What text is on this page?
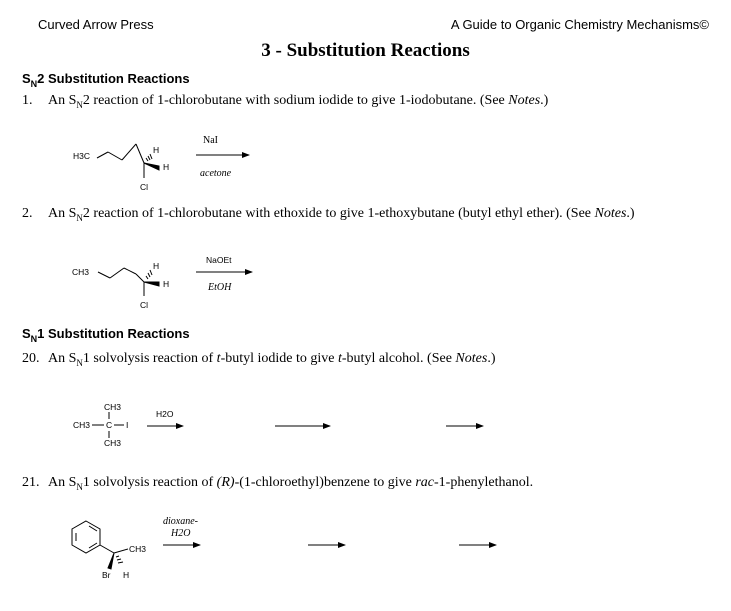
Curved Arrow Press	A Guide to Organic Chemistry Mechanisms©
3 - Substitution Reactions
$S_N2$ Substitution Reactions
1. An $S_N2$ reaction of 1-chlorobutane with sodium iodide to give 1-iodobutane. (See Notes.)
2. An $S_N2$ reaction of 1-chlorobutane with ethoxide to give 1-ethoxybutane (butyl ethyl ether). (See Notes.)
$S_N1$ Substitution Reactions
20. An $S_N1$ solvolysis reaction of t-butyl iodide to give t-butyl alcohol. (See Notes.)
21. An $S_N1$ solvolysis reaction of (R)-(1-chloroethyl)benzene to give rac-1-phenylethanol.
H3C
H
H
Cl
NaI
acetone
CH3
H
H
Cl
NaOEt
EtOH
CH3
CH3 C I
CH3
H2O
CH3
Br H
dioxane-
H2O
